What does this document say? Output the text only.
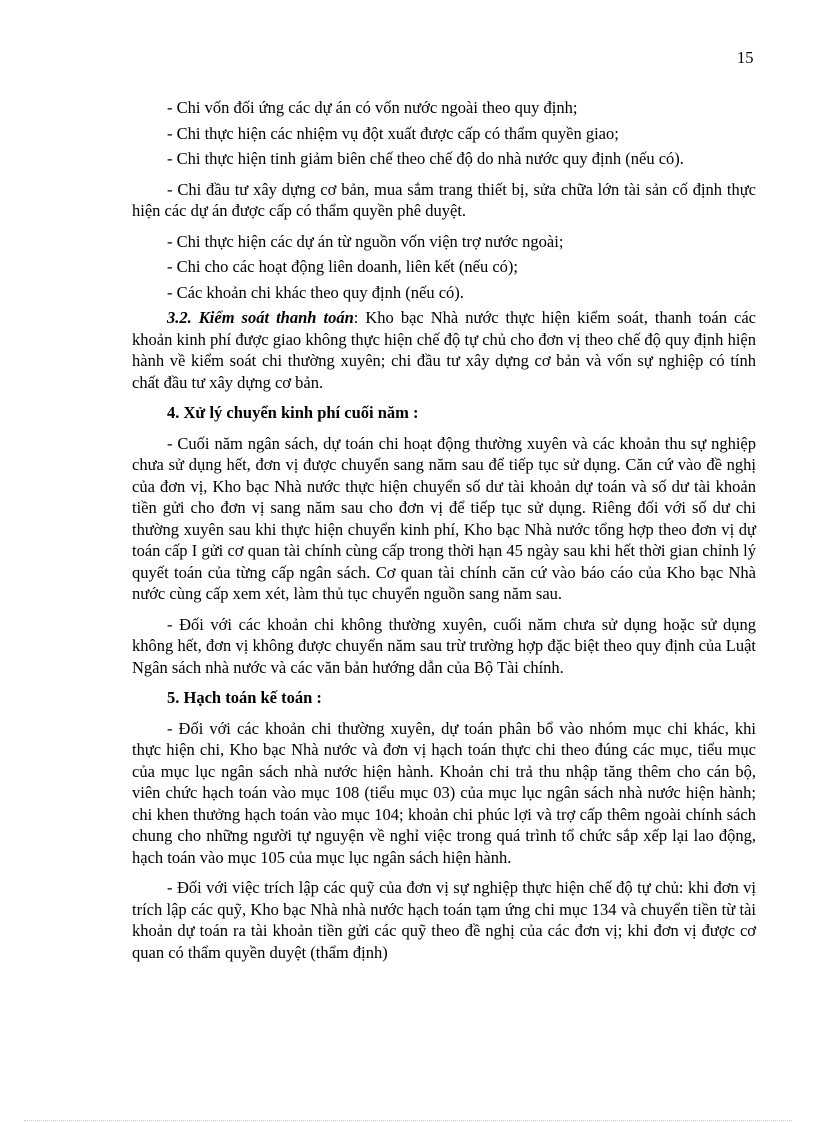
15

- Chi vốn đối ứng các dự án có vốn nước ngoài theo quy định;

- Chi thực hiện các nhiệm vụ đột xuất được cấp có thẩm quyền giao;

- Chi thực hiện tinh giảm biên chế theo chế độ do nhà nước quy định (nếu có).

- Chi đầu tư xây dựng cơ bản, mua sắm trang thiết bị, sửa chữa lớn tài sản cố định thực hiện các dự án được cấp có thẩm quyền phê duyệt.

- Chi thực hiện các dự án từ nguồn vốn viện trợ nước ngoài;

- Chi cho các hoạt động liên doanh, liên kết (nếu có);

- Các khoản chi khác theo quy định (nếu có).

3.2. Kiểm soát thanh toán: Kho bạc Nhà nước thực hiện kiểm soát, thanh toán các khoản kinh phí được giao không thực hiện chế độ tự chủ cho đơn vị theo chế độ quy định hiện hành về kiểm soát chi thường xuyên; chi đầu tư xây dựng cơ bản và vốn sự nghiệp có tính chất đầu tư xây dựng cơ bản.

4. Xử lý chuyển kinh phí cuối năm :

- Cuối năm ngân sách, dự toán chi hoạt động thường xuyên và các khoản thu sự nghiệp chưa sử dụng hết, đơn vị được chuyển sang năm sau để tiếp tục sử dụng. Căn cứ vào đề nghị của đơn vị, Kho bạc Nhà nước thực hiện chuyển số dư tài khoản dự toán và số dư tài khoản tiền gửi cho đơn vị sang năm sau cho đơn vị để tiếp tục sử dụng. Riêng đối với số dư chi thường xuyên sau khi thực hiện chuyển kinh phí, Kho bạc Nhà nước tổng hợp theo đơn vị dự toán cấp I gửi cơ quan tài chính cùng cấp trong thời hạn 45 ngày sau khi hết thời gian chỉnh lý quyết toán của từng cấp ngân sách. Cơ quan tài chính căn cứ vào báo cáo của Kho bạc Nhà nước cùng cấp xem xét, làm thủ tục chuyển nguồn sang năm sau.

- Đối với các khoản chi không thường xuyên, cuối năm chưa sử dụng hoặc sử dụng không hết, đơn vị không được chuyển năm sau trừ trường hợp đặc biệt theo quy định của Luật Ngân sách nhà nước và các văn bản hướng dẫn của Bộ Tài chính.

5. Hạch toán kế toán :

- Đối với các khoản chi thường xuyên, dự toán phân bổ vào nhóm mục chi khác, khi thực hiện chi, Kho bạc Nhà nước và đơn vị hạch toán thực chi theo đúng các mục, tiểu mục của mục lục ngân sách nhà nước hiện hành. Khoản chi trả thu nhập tăng thêm cho cán bộ, viên chức hạch toán vào mục 108 (tiểu mục 03) của mục lục ngân sách nhà nước hiện hành; chi khen thưởng hạch toán vào mục 104; khoản chi phúc lợi và trợ cấp thêm ngoài chính sách chung cho những người tự nguyện về nghỉ việc trong quá trình tổ chức sắp xếp lại lao động, hạch toán vào mục 105 của mục lục ngân sách hiện hành.

- Đối với việc trích lập các quỹ của đơn vị sự nghiệp thực hiện chế độ tự chủ: khi đơn vị trích lập các quỹ, Kho bạc Nhà nhà nước hạch toán tạm ứng chi mục 134 và chuyển tiền từ tài khoản dự toán ra tài khoản tiền gửi các quỹ theo đề nghị của các đơn vị; khi đơn vị được cơ quan có thẩm quyền duyệt (thẩm định)
